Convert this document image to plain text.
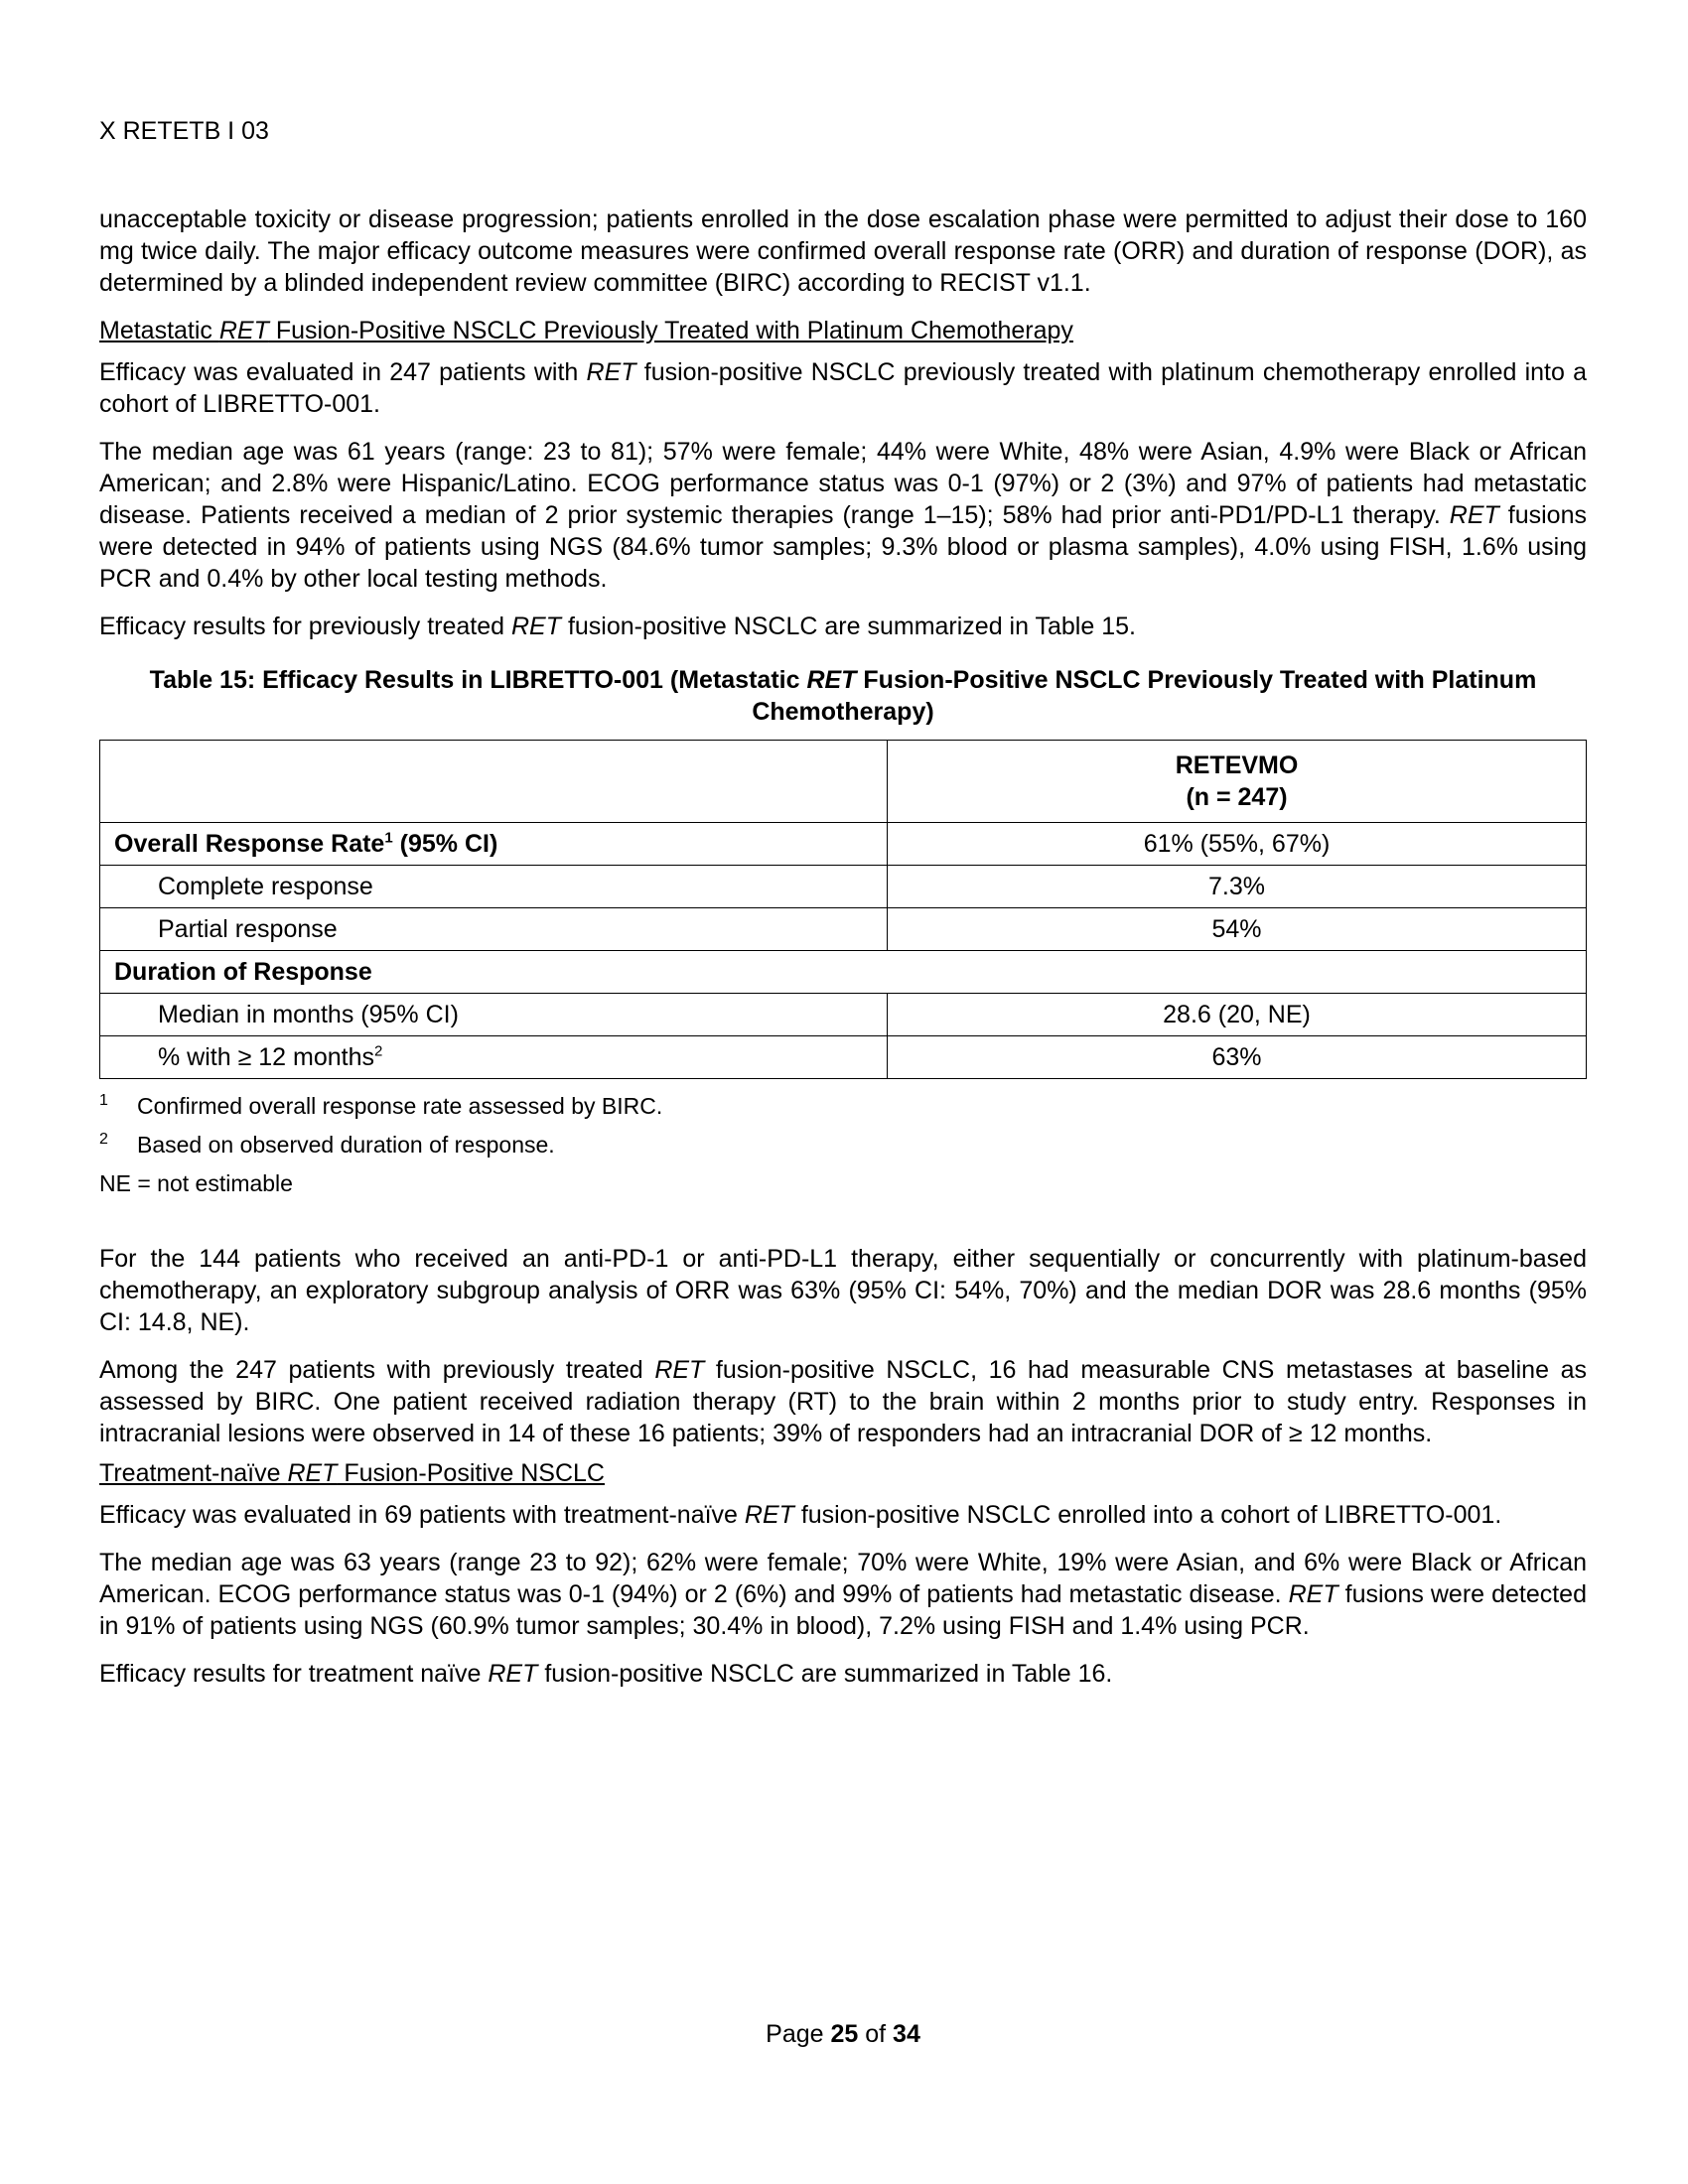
X RETETB I 03

unacceptable toxicity or disease progression; patients enrolled in the dose escalation phase were permitted to adjust their dose to 160 mg twice daily. The major efficacy outcome measures were confirmed overall response rate (ORR) and duration of response (DOR), as determined by a blinded independent review committee (BIRC) according to RECIST v1.1.

Metastatic RET Fusion-Positive NSCLC Previously Treated with Platinum Chemotherapy

Efficacy was evaluated in 247 patients with RET fusion-positive NSCLC previously treated with platinum chemotherapy enrolled into a cohort of LIBRETTO-001.

The median age was 61 years (range: 23 to 81); 57% were female; 44% were White, 48% were Asian, 4.9% were Black or African American; and 2.8% were Hispanic/Latino. ECOG performance status was 0-1 (97%) or 2 (3%) and 97% of patients had metastatic disease. Patients received a median of 2 prior systemic therapies (range 1–15); 58% had prior anti-PD1/PD-L1 therapy. RET fusions were detected in 94% of patients using NGS (84.6% tumor samples; 9.3% blood or plasma samples), 4.0% using FISH, 1.6% using PCR and 0.4% by other local testing methods.

Efficacy results for previously treated RET fusion-positive NSCLC are summarized in Table 15.

Table 15: Efficacy Results in LIBRETTO-001 (Metastatic RET Fusion-Positive NSCLC Previously Treated with Platinum Chemotherapy)
	RETEVMO
(n = 247)
Overall Response Rate$^1$ (95% CI)	61% (55%, 67%)
Complete response	7.3%
Partial response	54%
Duration of Response	
Median in months (95% CI)	28.6 (20, NE)
% with ≥ 12 months$^2$	63%
1	Confirmed overall response rate assessed by BIRC.
2	Based on observed duration of response.
NE = not estimable

For the 144 patients who received an anti-PD-1 or anti-PD-L1 therapy, either sequentially or concurrently with platinum-based chemotherapy, an exploratory subgroup analysis of ORR was 63% (95% CI: 54%, 70%) and the median DOR was 28.6 months (95% CI: 14.8, NE).

Among the 247 patients with previously treated RET fusion-positive NSCLC, 16 had measurable CNS metastases at baseline as assessed by BIRC. One patient received radiation therapy (RT) to the brain within 2 months prior to study entry. Responses in intracranial lesions were observed in 14 of these 16 patients; 39% of responders had an intracranial DOR of ≥ 12 months.

Treatment-naïve RET Fusion-Positive NSCLC

Efficacy was evaluated in 69 patients with treatment-naïve RET fusion-positive NSCLC enrolled into a cohort of LIBRETTO-001.

The median age was 63 years (range 23 to 92); 62% were female; 70% were White, 19% were Asian, and 6% were Black or African American. ECOG performance status was 0-1 (94%) or 2 (6%) and 99% of patients had metastatic disease. RET fusions were detected in 91% of patients using NGS (60.9% tumor samples; 30.4% in blood), 7.2% using FISH and 1.4% using PCR.

Efficacy results for treatment naïve RET fusion-positive NSCLC are summarized in Table 16.

Page 25 of 34
